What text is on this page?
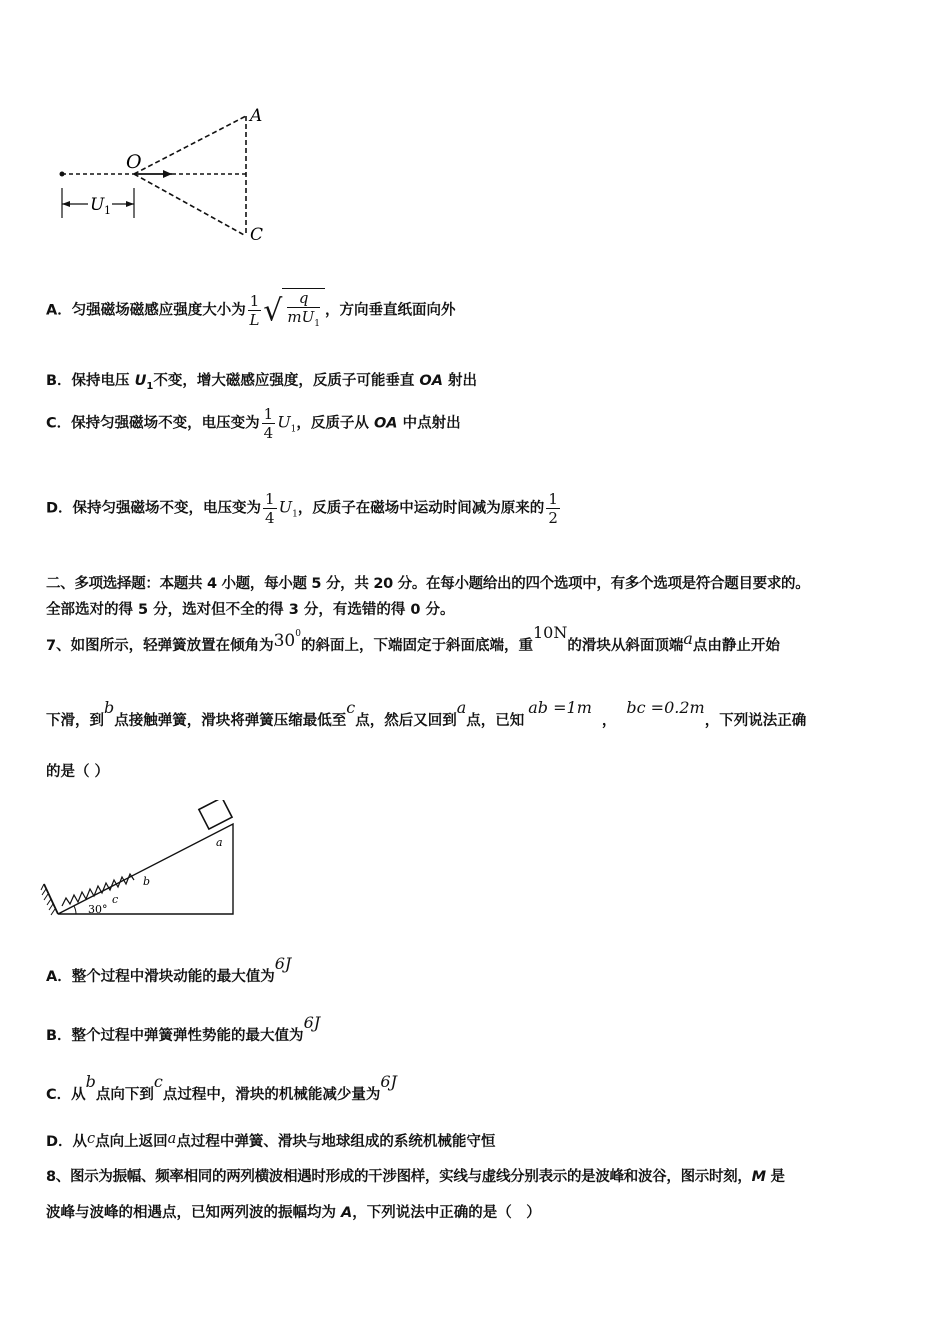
U 1
O
A
C
A．匀强磁场磁感应强度大小为 $\frac{1}{L}$ √ $\frac{q}{mU_1}$ ，方向垂直纸面向外
B．保持电压 $U_1$不变，增大磁感应强度，反质子可能垂直 OA 射出
C．保持匀强磁场不变，电压变为 $\frac{1}{4} U_1$，反质子从 OA 中点射出
D．保持匀强磁场不变，电压变为 $\frac{1}{4} U_1$，反质子在磁场中运动时间减为原来的 $\frac{1}{2}$
二、多项选择题：本题共 4 小题，每小题 5 分，共 20 分。在每小题给出的四个选项中，有多个选项是符合题目要求的。
全部选对的得 5 分，选对但不全的得 3 分，有选错的得 0 分。
7、如图所示，轻弹簧放置在倾角为$30^0$的斜面上，下端固定于斜面底端，重10N的滑块从斜面顶端a点由静止开始
下滑，到b点接触弹簧，滑块将弹簧压缩最低至c点，然后又回到a点，已知ab =1m，bc =0.2m，下列说法正确
的是（ ）
30°
c
b
a
A．整个过程中滑块动能的最大值为6J
B．整个过程中弹簧弹性势能的最大值为6J
C．从b点向下到c点过程中，滑块的机械能减少量为6J
D．从c点向上返回a点过程中弹簧、滑块与地球组成的系统机械能守恒
8、图示为振幅、频率相同的两列横波相遇时形成的干涉图样，实线与虚线分别表示的是波峰和波谷，图示时刻，M 是
波峰与波峰的相遇点，已知两列波的振幅均为 A，下列说法中正确的是（　）
